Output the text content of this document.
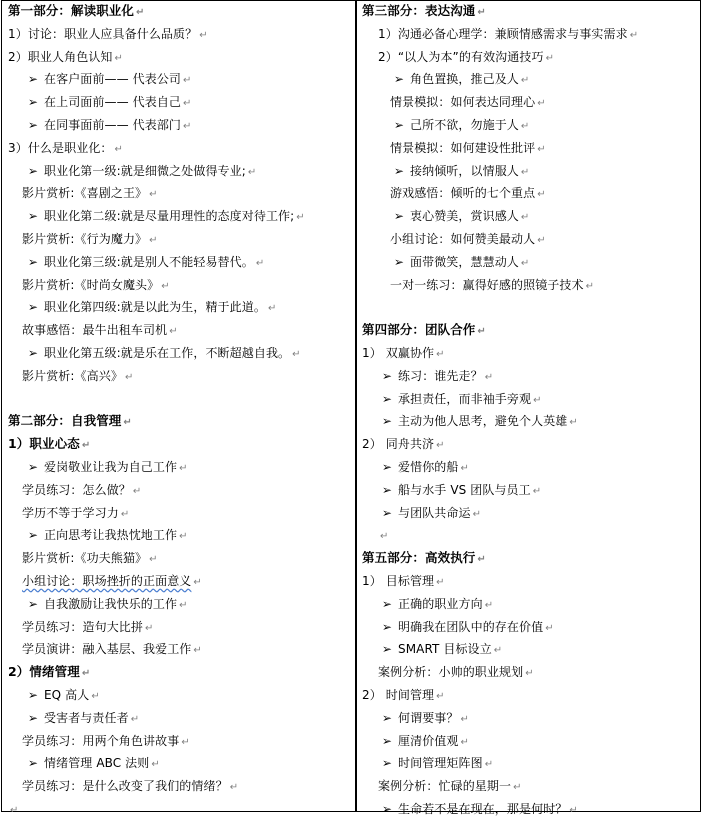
第一部分：解读职业化 ↵
1）讨论：职业人应具备什么品质？ ↵
2）职业人角色认知 ↵
➢ 在客户面前—— 代表公司 ↵
➢ 在上司面前—— 代表自己 ↵
➢ 在同事面前—— 代表部门 ↵
3）什么是职业化： ↵
➢ 职业化第一级:就是细微之处做得专业; ↵
影片赏析:《喜剧之王》 ↵
➢ 职业化第二级:就是尽量用理性的态度对待工作; ↵
影片赏析:《行为魔力》 ↵
➢ 职业化第三级:就是别人不能轻易替代。 ↵
影片赏析:《时尚女魔头》 ↵
➢ 职业化第四级:就是以此为生，精于此道。 ↵
故事感悟：最牛出租车司机 ↵
➢ 职业化第五级:就是乐在工作，不断超越自我。 ↵
影片赏析:《高兴》 ↵
第二部分：自我管理 ↵
1）职业心态 ↵
➢ 爱岗敬业让我为自己工作 ↵
学员练习：怎么做？ ↵
学历不等于学习力 ↵
➢ 正向思考让我热忱地工作 ↵
影片赏析:《功夫熊猫》 ↵
小组讨论：职场挫折的正面意义 ↵
➢ 自我激励让我快乐的工作 ↵
学员练习：造句大比拼 ↵
学员演讲：融入基层、我爱工作 ↵
2）情绪管理 ↵
➢ EQ 高人 ↵
➢ 受害者与责任者 ↵
学员练习：用两个角色讲故事 ↵
➢ 情绪管理 ABC 法则 ↵
学员练习：是什么改变了我们的情绪？ ↵
↵
第三部分：表达沟通 ↵
1）沟通必备心理学：兼顾情感需求与事实需求 ↵
2）“以人为本”的有效沟通技巧 ↵
➢ 角色置换，推己及人 ↵
情景模拟：如何表达同理心 ↵
➢ 己所不欲，勿施于人 ↵
情景模拟：如何建设性批评 ↵
➢ 接纳倾听，以情服人 ↵
游戏感悟：倾听的七个重点 ↵
➢ 衷心赞美，赏识感人 ↵
小组讨论：如何赞美最动人 ↵
➢ 面带微笑，慧慧动人 ↵
一对一练习：赢得好感的照镜子技术 ↵
第四部分：团队合作 ↵
1） 双赢协作 ↵
➢ 练习：谁先走？ ↵
➢ 承担责任，而非袖手旁观 ↵
➢ 主动为他人思考，避免个人英雄 ↵
2） 同舟共济 ↵
➢ 爱惜你的船 ↵
➢ 船与水手 VS 团队与员工 ↵
➢ 与团队共命运 ↵
↵
第五部分：高效执行 ↵
1） 目标管理 ↵
➢ 正确的职业方向 ↵
➢ 明确我在团队中的存在价值 ↵
➢ SMART 目标设立 ↵
案例分析：小帅的职业规划 ↵
2） 时间管理 ↵
➢ 何谓要事？ ↵
➢ 厘清价值观 ↵
➢ 时间管理矩阵图 ↵
案例分析：忙碌的星期一 ↵
➢ 生命若不是在现在，那是何时？ ↵
